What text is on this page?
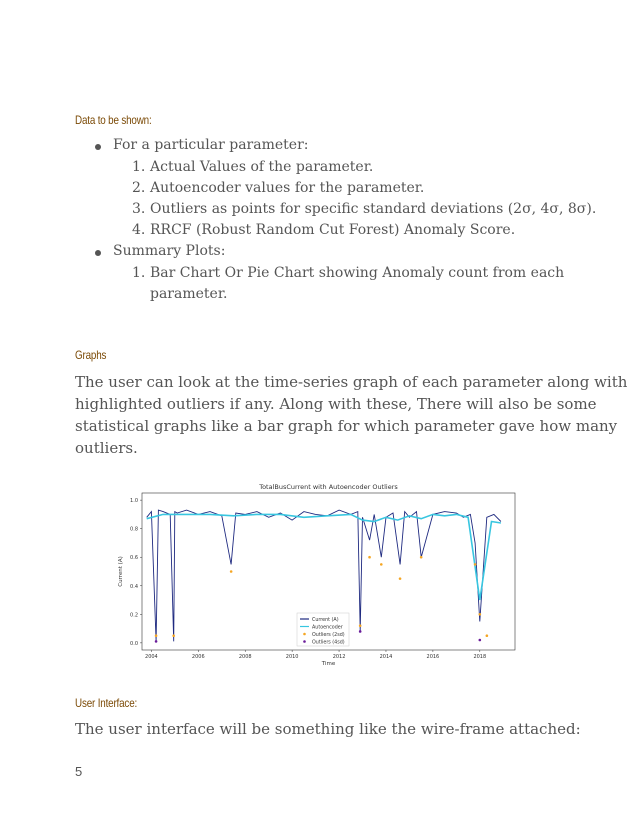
Data to be shown:
For a particular parameter:
1. Actual Values of the parameter.
2. Autoencoder values for the parameter.
3. Outliers as points for specific standard deviations (2σ, 4σ, 8σ).
4. RRCF (Robust Random Cut Forest) Anomaly Score.
Summary Plots:
1. Bar Chart Or Pie Chart showing Anomaly count from each
parameter.
Graphs
The user can look at the time-series graph of each parameter along with
highlighted outliers if any. Along with these, There will also be some
statistical graphs like a bar graph for which parameter gave how many
outliers.
TotalBusCurrent with Autoencoder Outliers
0.0
0.2
0.4
0.6
0.8
1.0
2004	2006	2008	2010	2012	2014	2016	2018
Time
Current (A)
Current (A)
Autoencoder
Outliers (2sd)
Outliers (4sd)
User Interface:
The user interface will be something like the wire-frame attached:
5
